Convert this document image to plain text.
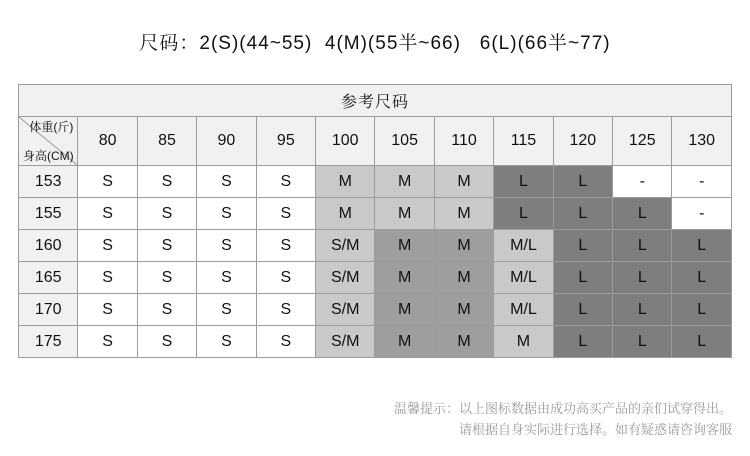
尺码：2(S)(44~55)  4(M)(55半~66)   6(L)(66半~77)
参考尺码											

体重(斤)
身高(CM)	80	85	90	95	100	105	110	115	120	125	130
153	S	S	S	S	M	M	M	L	L	-	-
155	S	S	S	S	M	M	M	L	L	L	-
160	S	S	S	S	S/M	M	M	M/L	L	L	L
165	S	S	S	S	S/M	M	M	M/L	L	L	L
170	S	S	S	S	S/M	M	M	M/L	L	L	L
175	S	S	S	S	S/M	M	M	M	L	L	L
温馨提示：以上图标数据由成功高买产品的亲们试穿得出。
请根据自身实际进行选择。如有疑惑请咨询客服
